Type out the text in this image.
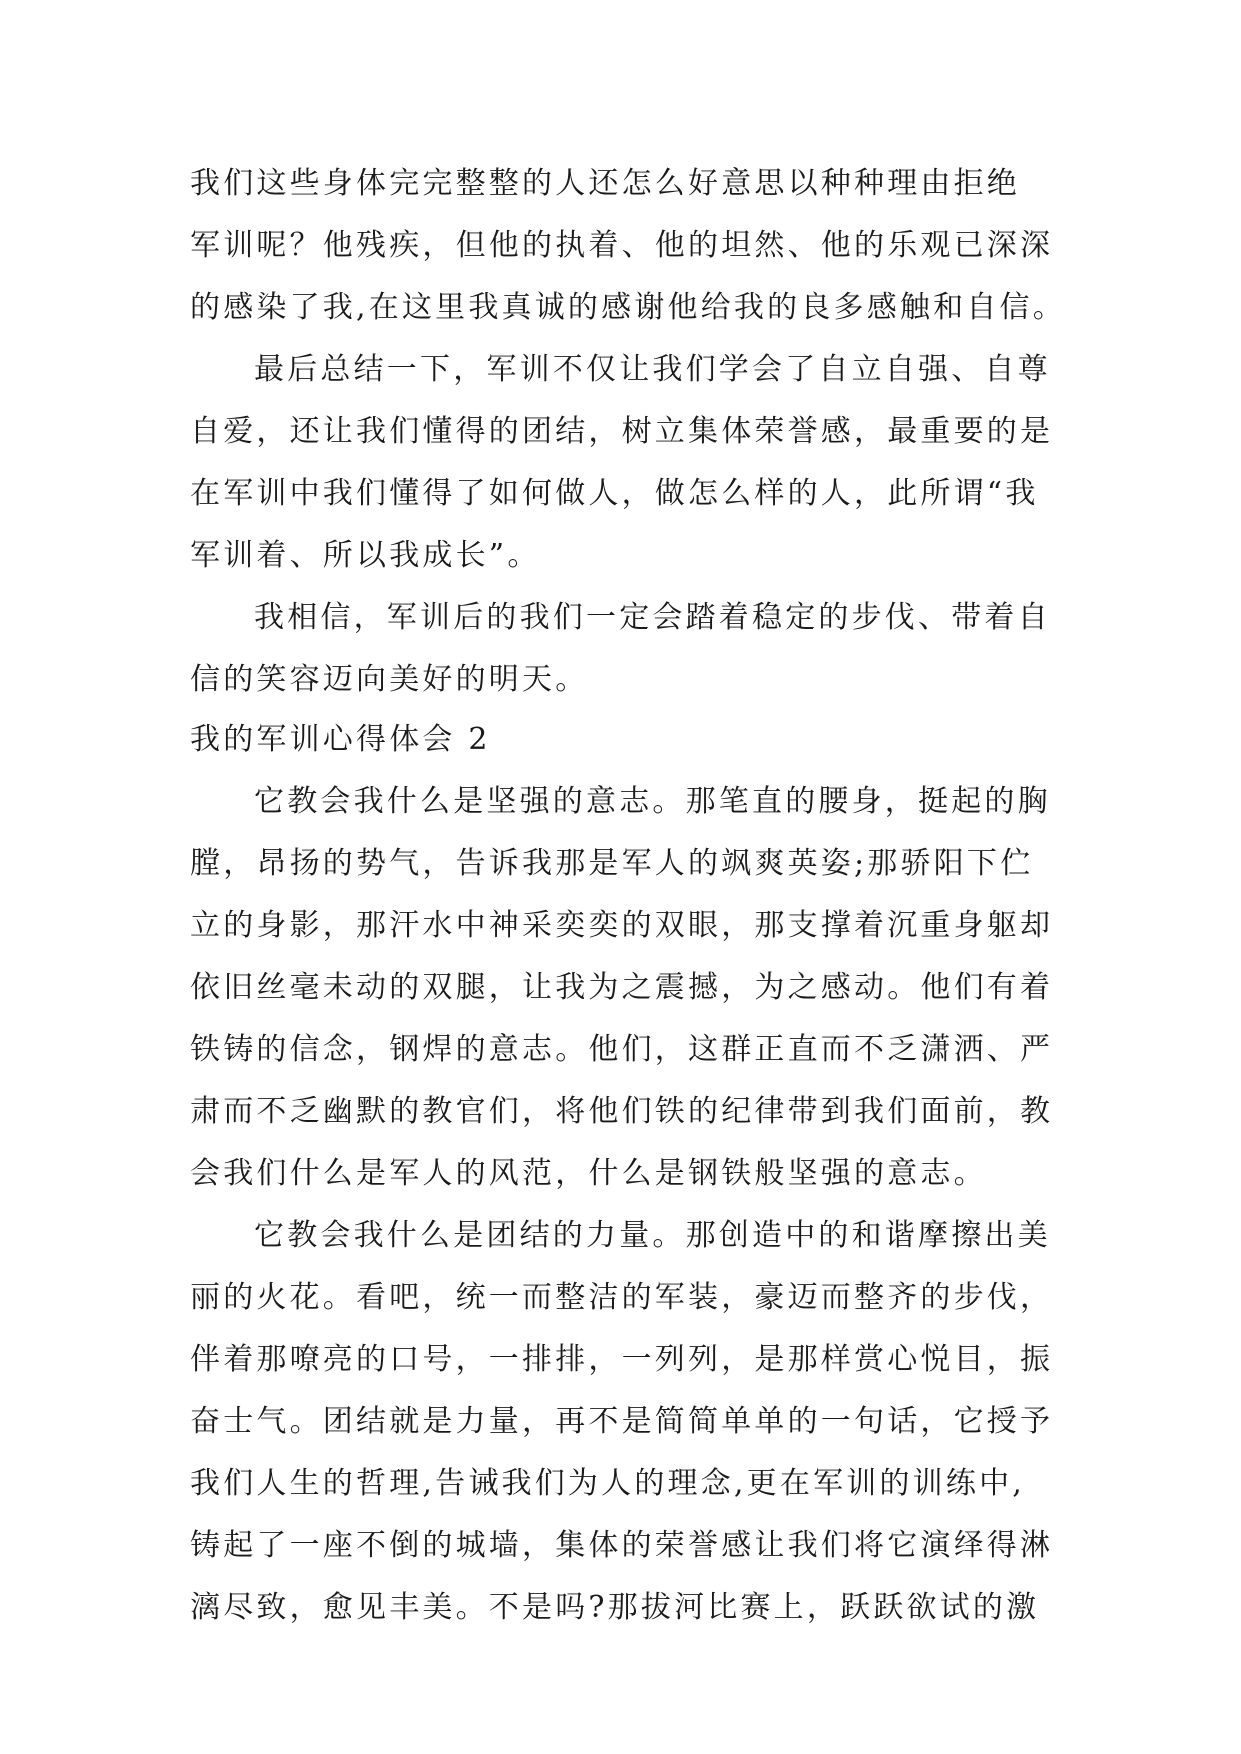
我们这些身体完完整整的人还怎么好意思以种种理由拒绝
军训呢？他残疾，但他的执着、他的坦然、他的乐观已深深
的感染了我,在这里我真诚的感谢他给我的良多感触和自信。
最后总结一下，军训不仅让我们学会了自立自强、自尊
自爱，还让我们懂得的团结，树立集体荣誉感，最重要的是
在军训中我们懂得了如何做人，做怎么样的人，此所谓“我
军训着、所以我成长”。
我相信，军训后的我们一定会踏着稳定的步伐、带着自
信的笑容迈向美好的明天。
我的军训心得体会 2
它教会我什么是坚强的意志。那笔直的腰身，挺起的胸
膛，昂扬的势气，告诉我那是军人的飒爽英姿;那骄阳下伫
立的身影，那汗水中神采奕奕的双眼，那支撑着沉重身躯却
依旧丝毫未动的双腿，让我为之震撼，为之感动。他们有着
铁铸的信念，钢焊的意志。他们，这群正直而不乏潇洒、严
肃而不乏幽默的教官们，将他们铁的纪律带到我们面前，教
会我们什么是军人的风范，什么是钢铁般坚强的意志。
它教会我什么是团结的力量。那创造中的和谐摩擦出美
丽的火花。看吧，统一而整洁的军装，豪迈而整齐的步伐，
伴着那嘹亮的口号，一排排，一列列，是那样赏心悦目，振
奋士气。团结就是力量，再不是简简单单的一句话，它授予
我们人生的哲理,告诫我们为人的理念,更在军训的训练中,
铸起了一座不倒的城墙，集体的荣誉感让我们将它演绎得淋
漓尽致，愈见丰美。不是吗?那拔河比赛上，跃跃欲试的激
